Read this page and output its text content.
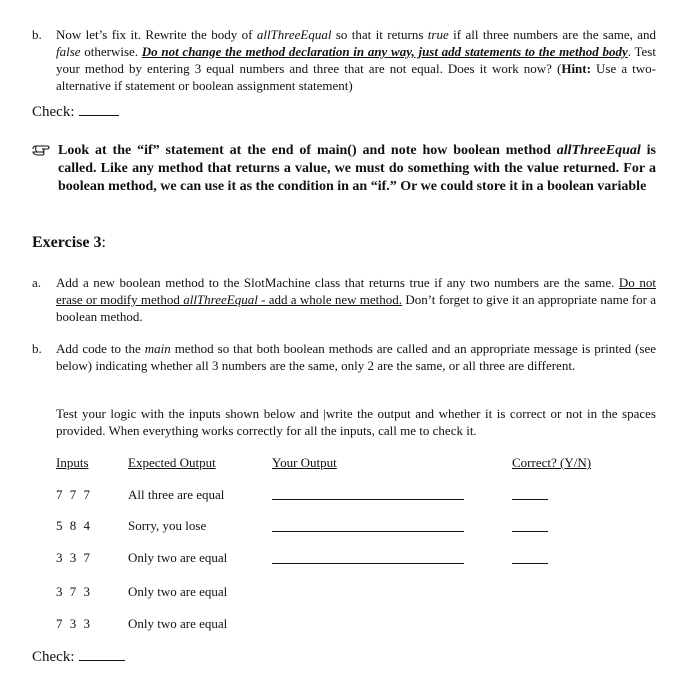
b. Now let’s fix it. Rewrite the body of allThreeEqual so that it returns true if all three numbers are the same, and false otherwise. Do not change the method declaration in any way, just add statements to the method body. Test your method by entering 3 equal numbers and three that are not equal. Does it work now? (Hint: Use a two-alternative if statement or boolean assignment statement)
Check:
Look at the “if” statement at the end of main() and note how boolean method allThreeEqual is called. Like any method that returns a value, we must do something with the value returned. For a boolean method, we can use it as the condition in an “if.” Or we could store it in a boolean variable
Exercise 3:
a. Add a new boolean method to the SlotMachine class that returns true if any two numbers are the same. Do not erase or modify method allThreeEqual - add a whole new method. Don’t forget to give it an appropriate name for a boolean method.
b. Add code to the main method so that both boolean methods are called and an appropriate message is printed (see below) indicating whether all 3 numbers are the same, only 2 are the same, or all three are different.
Test your logic with the inputs shown below and |write the output and whether it is correct or not in the spaces provided. When everything works correctly for all the inputs, call me to check it.
Inputs	Expected Output	Your Output	Correct? (Y/N)
7 7 7	All three are equal
5 8 4	Sorry, you lose
3 3 7	Only two are equal
3 7 3	Only two are equal
7 3 3	Only two are equal
Check:
